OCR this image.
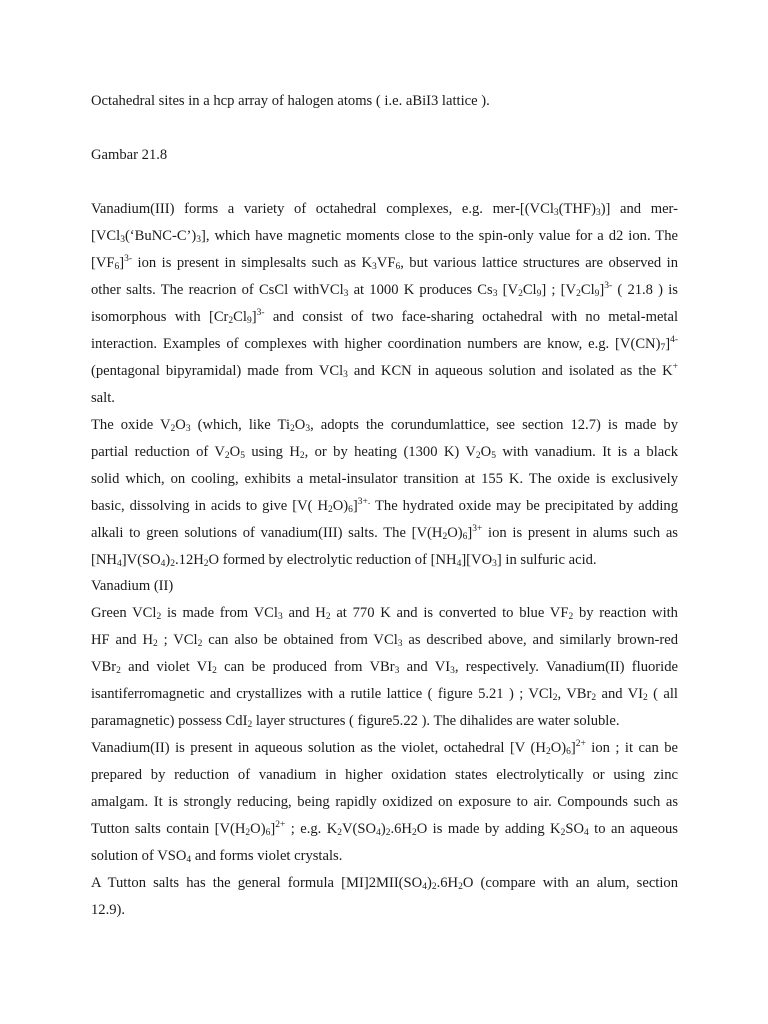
Octahedral sites in a hcp array of halogen atoms ( i.e. aBiI3 lattice ).
Gambar 21.8
Vanadium(III) forms a variety of octahedral complexes, e.g. mer-$[(VCl_3(THF)_3)]$ and mer-
$[VCl_3(‘BuNC-C’)_3]$, which have magnetic moments close to the spin-only value for a d2 ion. The
$[VF_6]^{3-}$ ion is present in simplesalts such as $K_3VF_6$, but various lattice structures are observed in
other salts. The reacrion of CsCl withVCl$_3$ at 1000 K produces $Cs_3$ $[V_2Cl_9]$ ; $[V_2Cl_9]^{3-}$ ( 21.8 ) is
isomorphous with $[Cr_2Cl_9]^{3-}$ and consist of two face-sharing octahedral with no metal-metal
interaction. Examples of complexes with higher coordination numbers are know, e.g. $[V(CN)_7]^{4-}$
(pentagonal bipyramidal) made from VCl$_3$ and KCN in aqueous solution and isolated as the K+
salt.
The oxide $V_2O_3$ (which, like $Ti_2O_3$, adopts the corundumlattice, see section 12.7) is made by
partial reduction of $V_2O_5$ using $H_2$, or by heating (1300 K) $V_2O_5$ with vanadium. It is a black
solid which, on cooling, exhibits a metal-insulator transition at 155 K. The oxide is exclusively
basic, dissolving in acids to give [V( $H_2O)_6]^{3+.}$ The hydrated oxide may be precipitated by adding
alkali to green solutions of vanadium(III) salts. The $[V(H_2O)_6]^{3+}$ ion is present in alums such as
$[NH_4]V(SO_4)_2.12H_2O$ formed by electrolytic reduction of $[NH_4][VO_3]$ in sulfuric acid.
Vanadium (II)
Green VCl$_2$ is made from VCl$_3$ and $H_2$ at 770 K and is converted to blue $VF_2$ by reaction with
HF and $H_2$ ; VCl$_2$ can also be obtained from VCl$_3$ as described above, and similarly brown-red
VBr$_2$ and violet $VI_2$ can be produced from VBr$_3$ and $VI_3$, respectively. Vanadium(II) fluoride
isantiferromagnetic and crystallizes with a rutile lattice ( figure 5.21 ) ; VCl$_2$, VBr$_2$ and $VI_2$ ( all
paramagnetic) possess CdI$_2$ layer structures ( figure5.22 ). The dihalides are water soluble.
Vanadium(II) is present in aqueous solution as the violet, octahedral [V $(H_2O)_6]^{2+}$ ion ; it can be
prepared by reduction of vanadium in higher oxidation states electrolytically or using zinc
amalgam. It is strongly reducing, being rapidly oxidized on exposure to air. Compounds such as
Tutton salts contain $[V(H_2O)_6]^{2+}$ ; e.g. $K_2V(SO_4)_2.6H_2O$ is made by adding $K_2SO_4$ to an aqueous
solution of $VSO_4$ and forms violet crystals.
A Tutton salts has the general formula $[MI]2MII(SO_4)_2.6H_2O$ (compare with an alum, section
12.9).
